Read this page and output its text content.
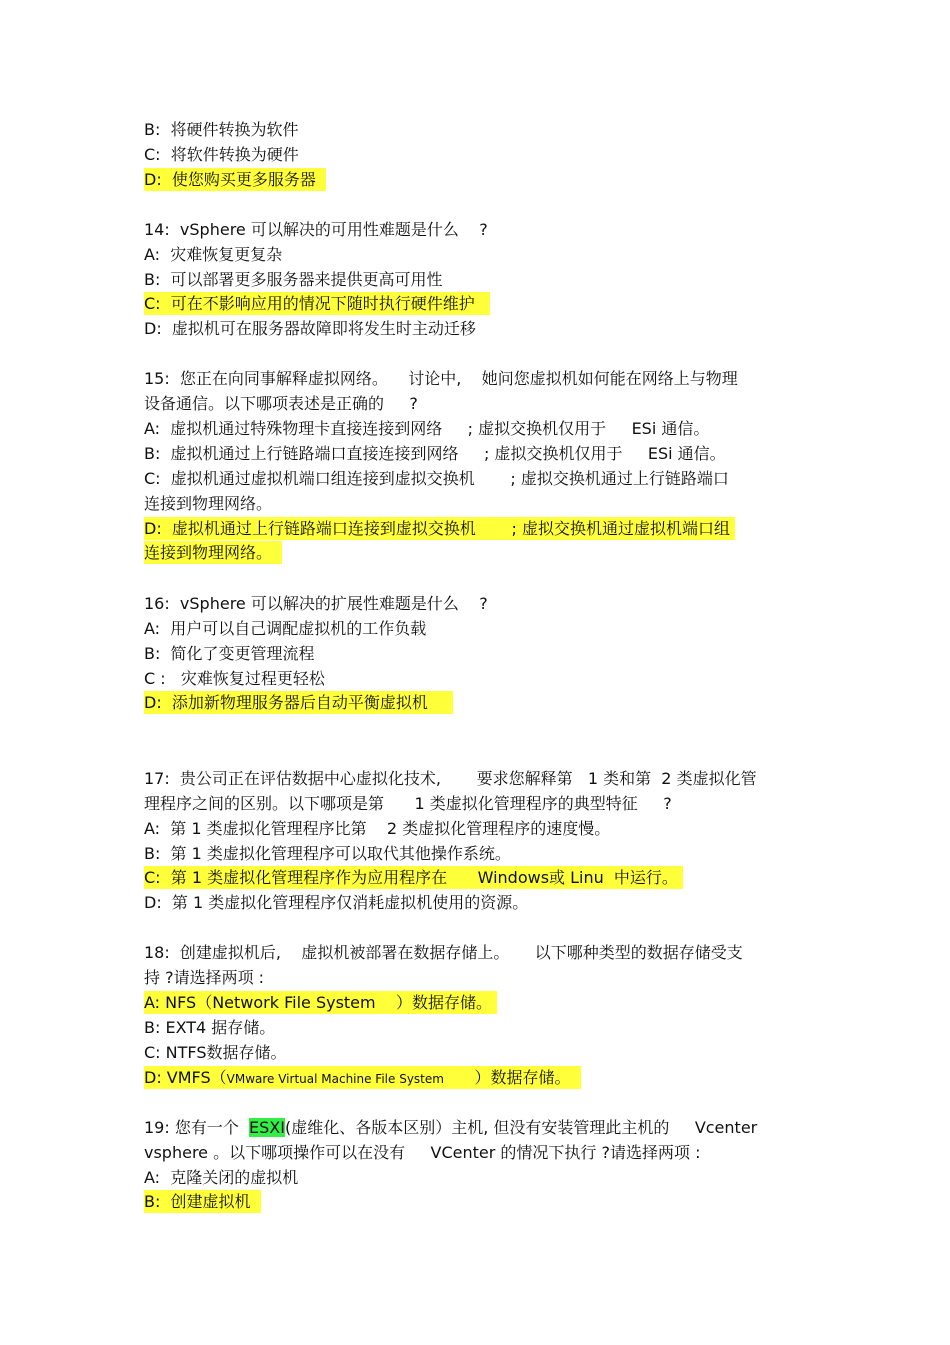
B:  将硬件转换为软件
C:  将软件转换为硬件
D:  使您购买更多服务器
14:  vSphere 可以解决的可用性难题是什么    ?
A:  灾难恢复更复杂
B:  可以部署更多服务器来提供更高可用性
C:  可在不影响应用的情况下随时执行硬件维护
D:  虚拟机可在服务器故障即将发生时主动迁移
15:  您正在向同事解释虚拟网络。    讨论中,    她问您虚拟机如何能在网络上与物理
设备通信。以下哪项表述是正确的     ?
A:  虚拟机通过特殊物理卡直接连接到网络     ; 虚拟交换机仅用于     ESi 通信。
B:  虚拟机通过上行链路端口直接连接到网络     ; 虚拟交换机仅用于     ESi 通信。
C:  虚拟机通过虚拟机端口组连接到虚拟交换机       ; 虚拟交换机通过上行链路端口
连接到物理网络。
D:  虚拟机通过上行链路端口连接到虚拟交换机       ; 虚拟交换机通过虚拟机端口组
连接到物理网络。
16:  vSphere 可以解决的扩展性难题是什么    ?
A:  用户可以自己调配虚拟机的工作负载
B:  简化了变更管理流程
C :   灾难恢复过程更轻松
D:  添加新物理服务器后自动平衡虚拟机
17:  贵公司正在评估数据中心虚拟化技术,       要求您解释第   1 类和第  2 类虚拟化管
理程序之间的区别。以下哪项是第      1 类虚拟化管理程序的典型特征     ?
A:  第 1 类虚拟化管理程序比第    2 类虚拟化管理程序的速度慢。
B:  第 1 类虚拟化管理程序可以取代其他操作系统。
C:  第 1 类虚拟化管理程序作为应用程序在      Windows或 Linu  中运行。
D:  第 1 类虚拟化管理程序仅消耗虚拟机使用的资源。
18:  创建虚拟机后,    虚拟机被部署在数据存储上。     以下哪种类型的数据存储受支
持 ?请选择两项 :
A: NFS（Network File System    ）数据存储。
B: EXT4 据存储。
C: NTFS数据存储。
D: VMFS（VMware Virtual Machine File System      ）数据存储。
19: 您有一个  ESXI(虚维化、各版本区别）主机, 但没有安装管理此主机的     Vcenter
vsphere 。以下哪项操作可以在没有     VCenter 的情况下执行 ?请选择两项 :
A:  克隆关闭的虚拟机
B:  创建虚拟机
